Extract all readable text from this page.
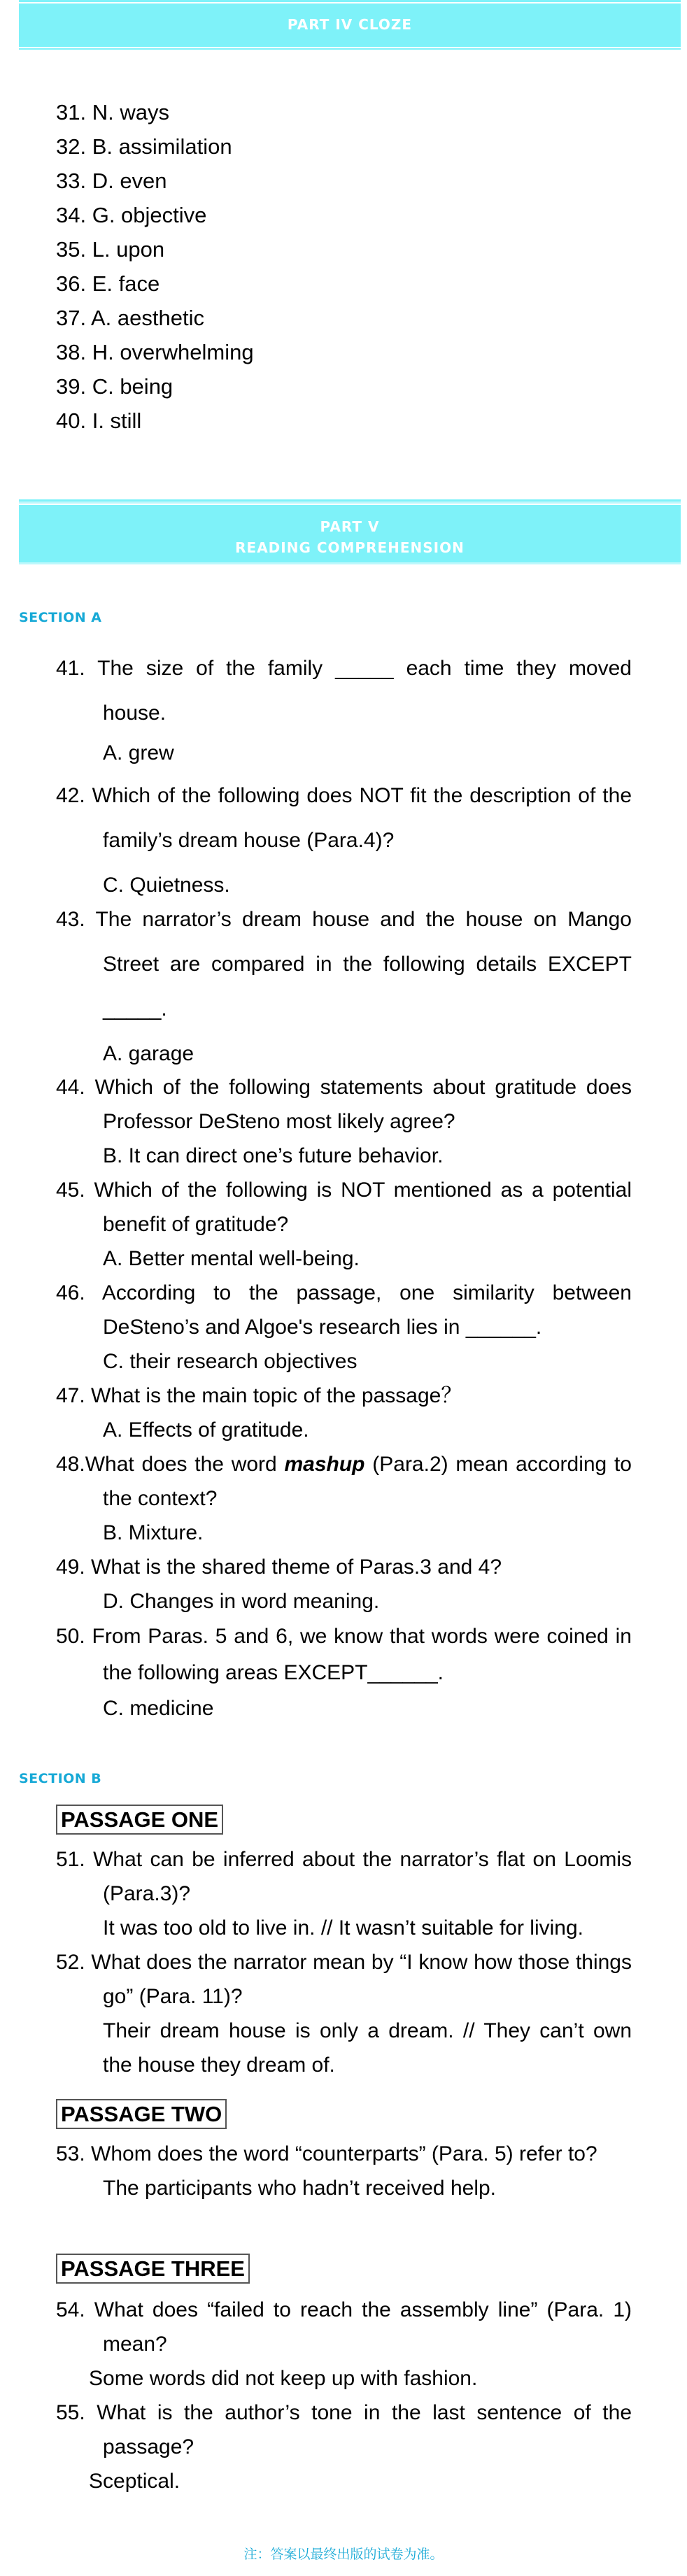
PART IV CLOZE
31. N. ways
32. B. assimilation
33. D. even
34. G. objective
35. L. upon
36. E. face
37. A. aesthetic
38. H. overwhelming
39. C. being
40. I. still
PART V
READING COMPREHENSION
SECTION A
41. The size of the family _____ each time they moved house.
A. grew
42. Which of the following does NOT fit the description of the family’s dream house (Para.4)?
C. Quietness.
43. The narrator’s dream house and the house on Mango Street are compared in the following details EXCEPT _____.
A. garage
44. Which of the following statements about gratitude does Professor DeSteno most likely agree?
B. It can direct one’s future behavior.
45. Which of the following is NOT mentioned as a potential benefit of gratitude?
A. Better mental well-being.
46. According to the passage, one similarity between DeSteno’s and Algoe's research lies in ______.
C. their research objectives
47. What is the main topic of the passage？
A. Effects of gratitude.
48.What does the word mashup (Para.2) mean according to the context?
B. Mixture.
49. What is the shared theme of Paras.3 and 4?
D. Changes in word meaning.
50. From Paras. 5 and 6, we know that words were coined in the following areas EXCEPT______.
C. medicine
SECTION B
PASSAGE ONE
51. What can be inferred about the narrator’s flat on Loomis (Para.3)?
It was too old to live in. // It wasn’t suitable for living.
52. What does the narrator mean by “I know how those things go” (Para. 11)?
Their dream house is only a dream. // They can’t own the house they dream of.
PASSAGE TWO
53. Whom does the word “counterparts” (Para. 5) refer to?
The participants who hadn’t received help.
PASSAGE THREE
54. What does “failed to reach the assembly line” (Para. 1) mean?
Some words did not keep up with fashion.
55. What is the author’s tone in the last sentence of the passage?
Sceptical.
注：答案以最终出版的试卷为准。
